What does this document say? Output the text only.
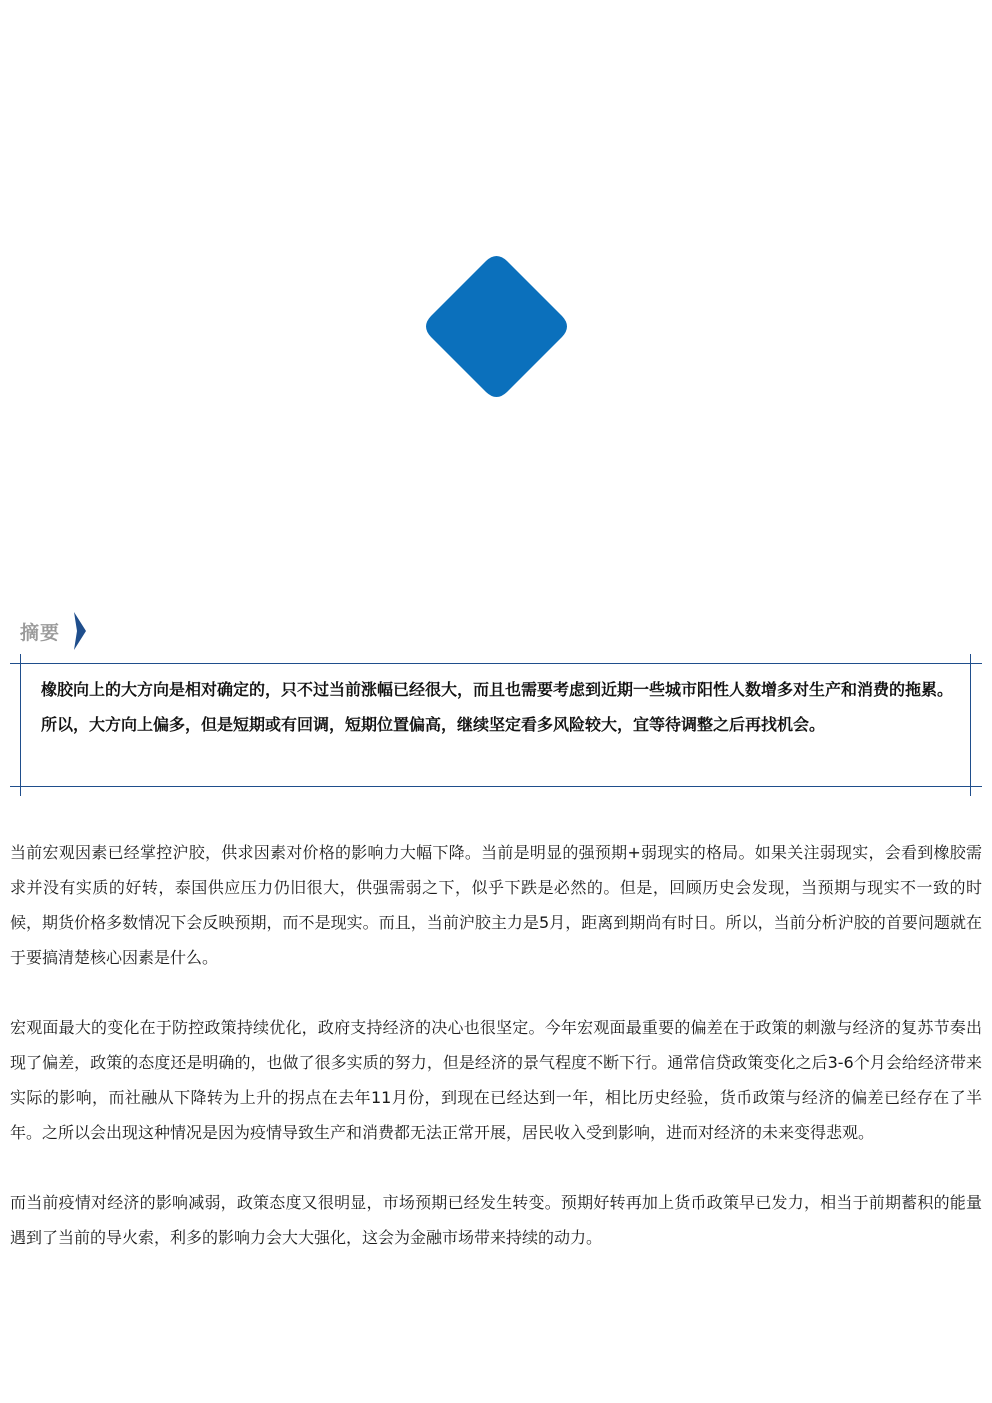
摘要
橡胶向上的大方向是相对确定的，只不过当前涨幅已经很大，而且也需要考虑到近期一些城市阳性人数增多对生产和消费的拖累。所以，大方向上偏多，但是短期或有回调，短期位置偏高，继续坚定看多风险较大，宜等待调整之后再找机会。

当前宏观因素已经掌控沪胶，供求因素对价格的影响力大幅下降。当前是明显的强预期+弱现实的格局。如果关注弱现实，会看到橡胶需求并没有实质的好转，泰国供应压力仍旧很大，供强需弱之下，似乎下跌是必然的。但是，回顾历史会发现，当预期与现实不一致的时候，期货价格多数情况下会反映预期，而不是现实。而且，当前沪胶主力是5月，距离到期尚有时日。所以，当前分析沪胶的首要问题就在于要搞清楚核心因素是什么。

宏观面最大的变化在于防控政策持续优化，政府支持经济的决心也很坚定。今年宏观面最重要的偏差在于政策的刺激与经济的复苏节奏出现了偏差，政策的态度还是明确的，也做了很多实质的努力，但是经济的景气程度不断下行。通常信贷政策变化之后3-6个月会给经济带来实际的影响，而社融从下降转为上升的拐点在去年11月份，到现在已经达到一年，相比历史经验，货币政策与经济的偏差已经存在了半年。之所以会出现这种情况是因为疫情导致生产和消费都无法正常开展，居民收入受到影响，进而对经济的未来变得悲观。

而当前疫情对经济的影响减弱，政策态度又很明显，市场预期已经发生转变。预期好转再加上货币政策早已发力，相当于前期蓄积的能量遇到了当前的导火索，利多的影响力会大大强化，这会为金融市场带来持续的动力。
